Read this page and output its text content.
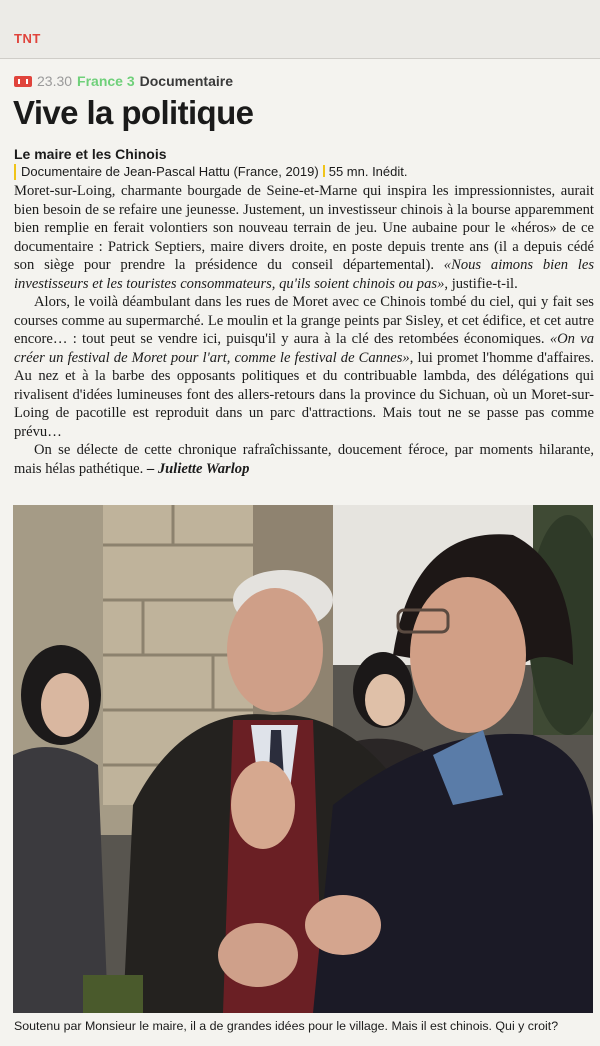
TNT
23.30 France 3 Documentaire
Vive la politique
Le maire et les Chinois
Documentaire de Jean-Pascal Hattu (France, 2019) 55 mn. Inédit.

Moret-sur-Loing, charmante bourgade de Seine-et-Marne qui inspira les impressionnistes, aurait bien besoin de se refaire une jeunesse. Justement, un investisseur chinois à la bourse apparemment bien remplie en ferait volontiers son nouveau terrain de jeu. Une aubaine pour le «héros» de ce documentaire : Patrick Septiers, maire divers droite, en poste depuis trente ans (il a depuis cédé son siège pour prendre la présidence du conseil départemental). «Nous aimons bien les investisseurs et les touristes consommateurs, qu'ils soient chinois ou pas», justifie-t-il.

Alors, le voilà déambulant dans les rues de Moret avec ce Chinois tombé du ciel, qui y fait ses courses comme au supermarché. Le moulin et la grange peints par Sisley, et cet édifice, et cet autre encore… : tout peut se vendre ici, puisqu'il y aura à la clé des retombées économiques. «On va créer un festival de Moret pour l'art, comme le festival de Cannes», lui promet l'homme d'affaires. Au nez et à la barbe des opposants politiques et du contribuable lambda, des délégations qui rivalisent d'idées lumineuses font des allers-retours dans la province du Sichuan, où un Moret-sur-Loing de pacotille est reproduit dans un parc d'attractions. Mais tout ne se passe pas comme prévu…

On se délecte de cette chronique rafraîchissante, doucement féroce, par moments hilarante, mais hélas pathétique. – Juliette Warlop

Soutenu par Monsieur le maire, il a de grandes idées pour le village. Mais il est chinois. Qui y croit?
